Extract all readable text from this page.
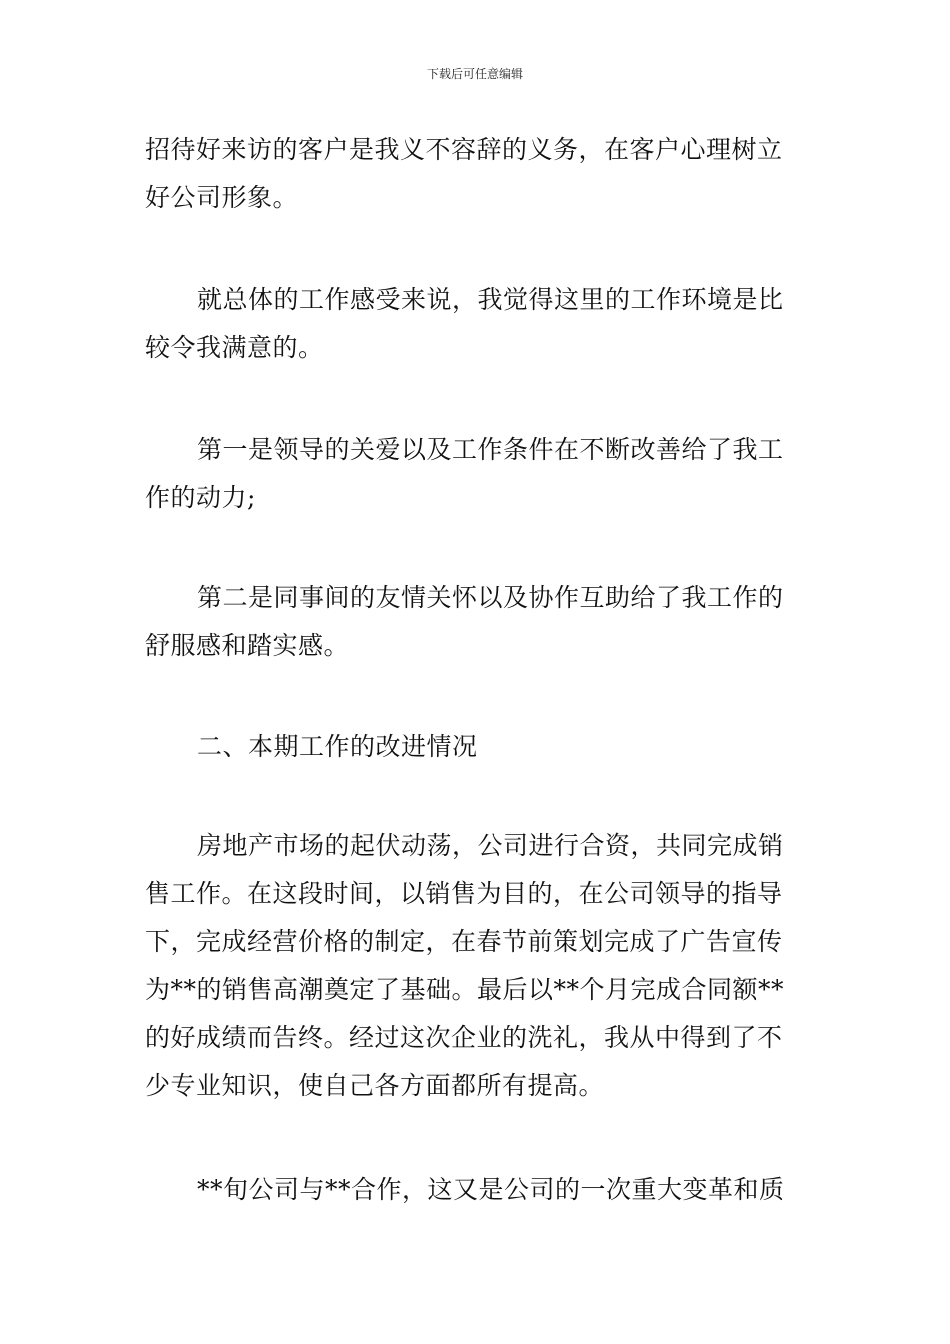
下载后可任意编辑
招待好来访的客户是我义不容辞的义务，在客户心理树立
好公司形象。
就总体的工作感受来说，我觉得这里的工作环境是比
较令我满意的。
第一是领导的关爱以及工作条件在不断改善给了我工
作的动力;
第二是同事间的友情关怀以及协作互助给了我工作的
舒服感和踏实感。
二、本期工作的改进情况
房地产市场的起伏动荡，公司进行合资，共同完成销
售工作。在这段时间，以销售为目的，在公司领导的指导
下，完成经营价格的制定，在春节前策划完成了广告宣传
为**的销售高潮奠定了基础。最后以**个月完成合同额**
的好成绩而告终。经过这次企业的洗礼，我从中得到了不
少专业知识，使自己各方面都所有提高。
**旬公司与**合作，这又是公司的一次重大变革和质
